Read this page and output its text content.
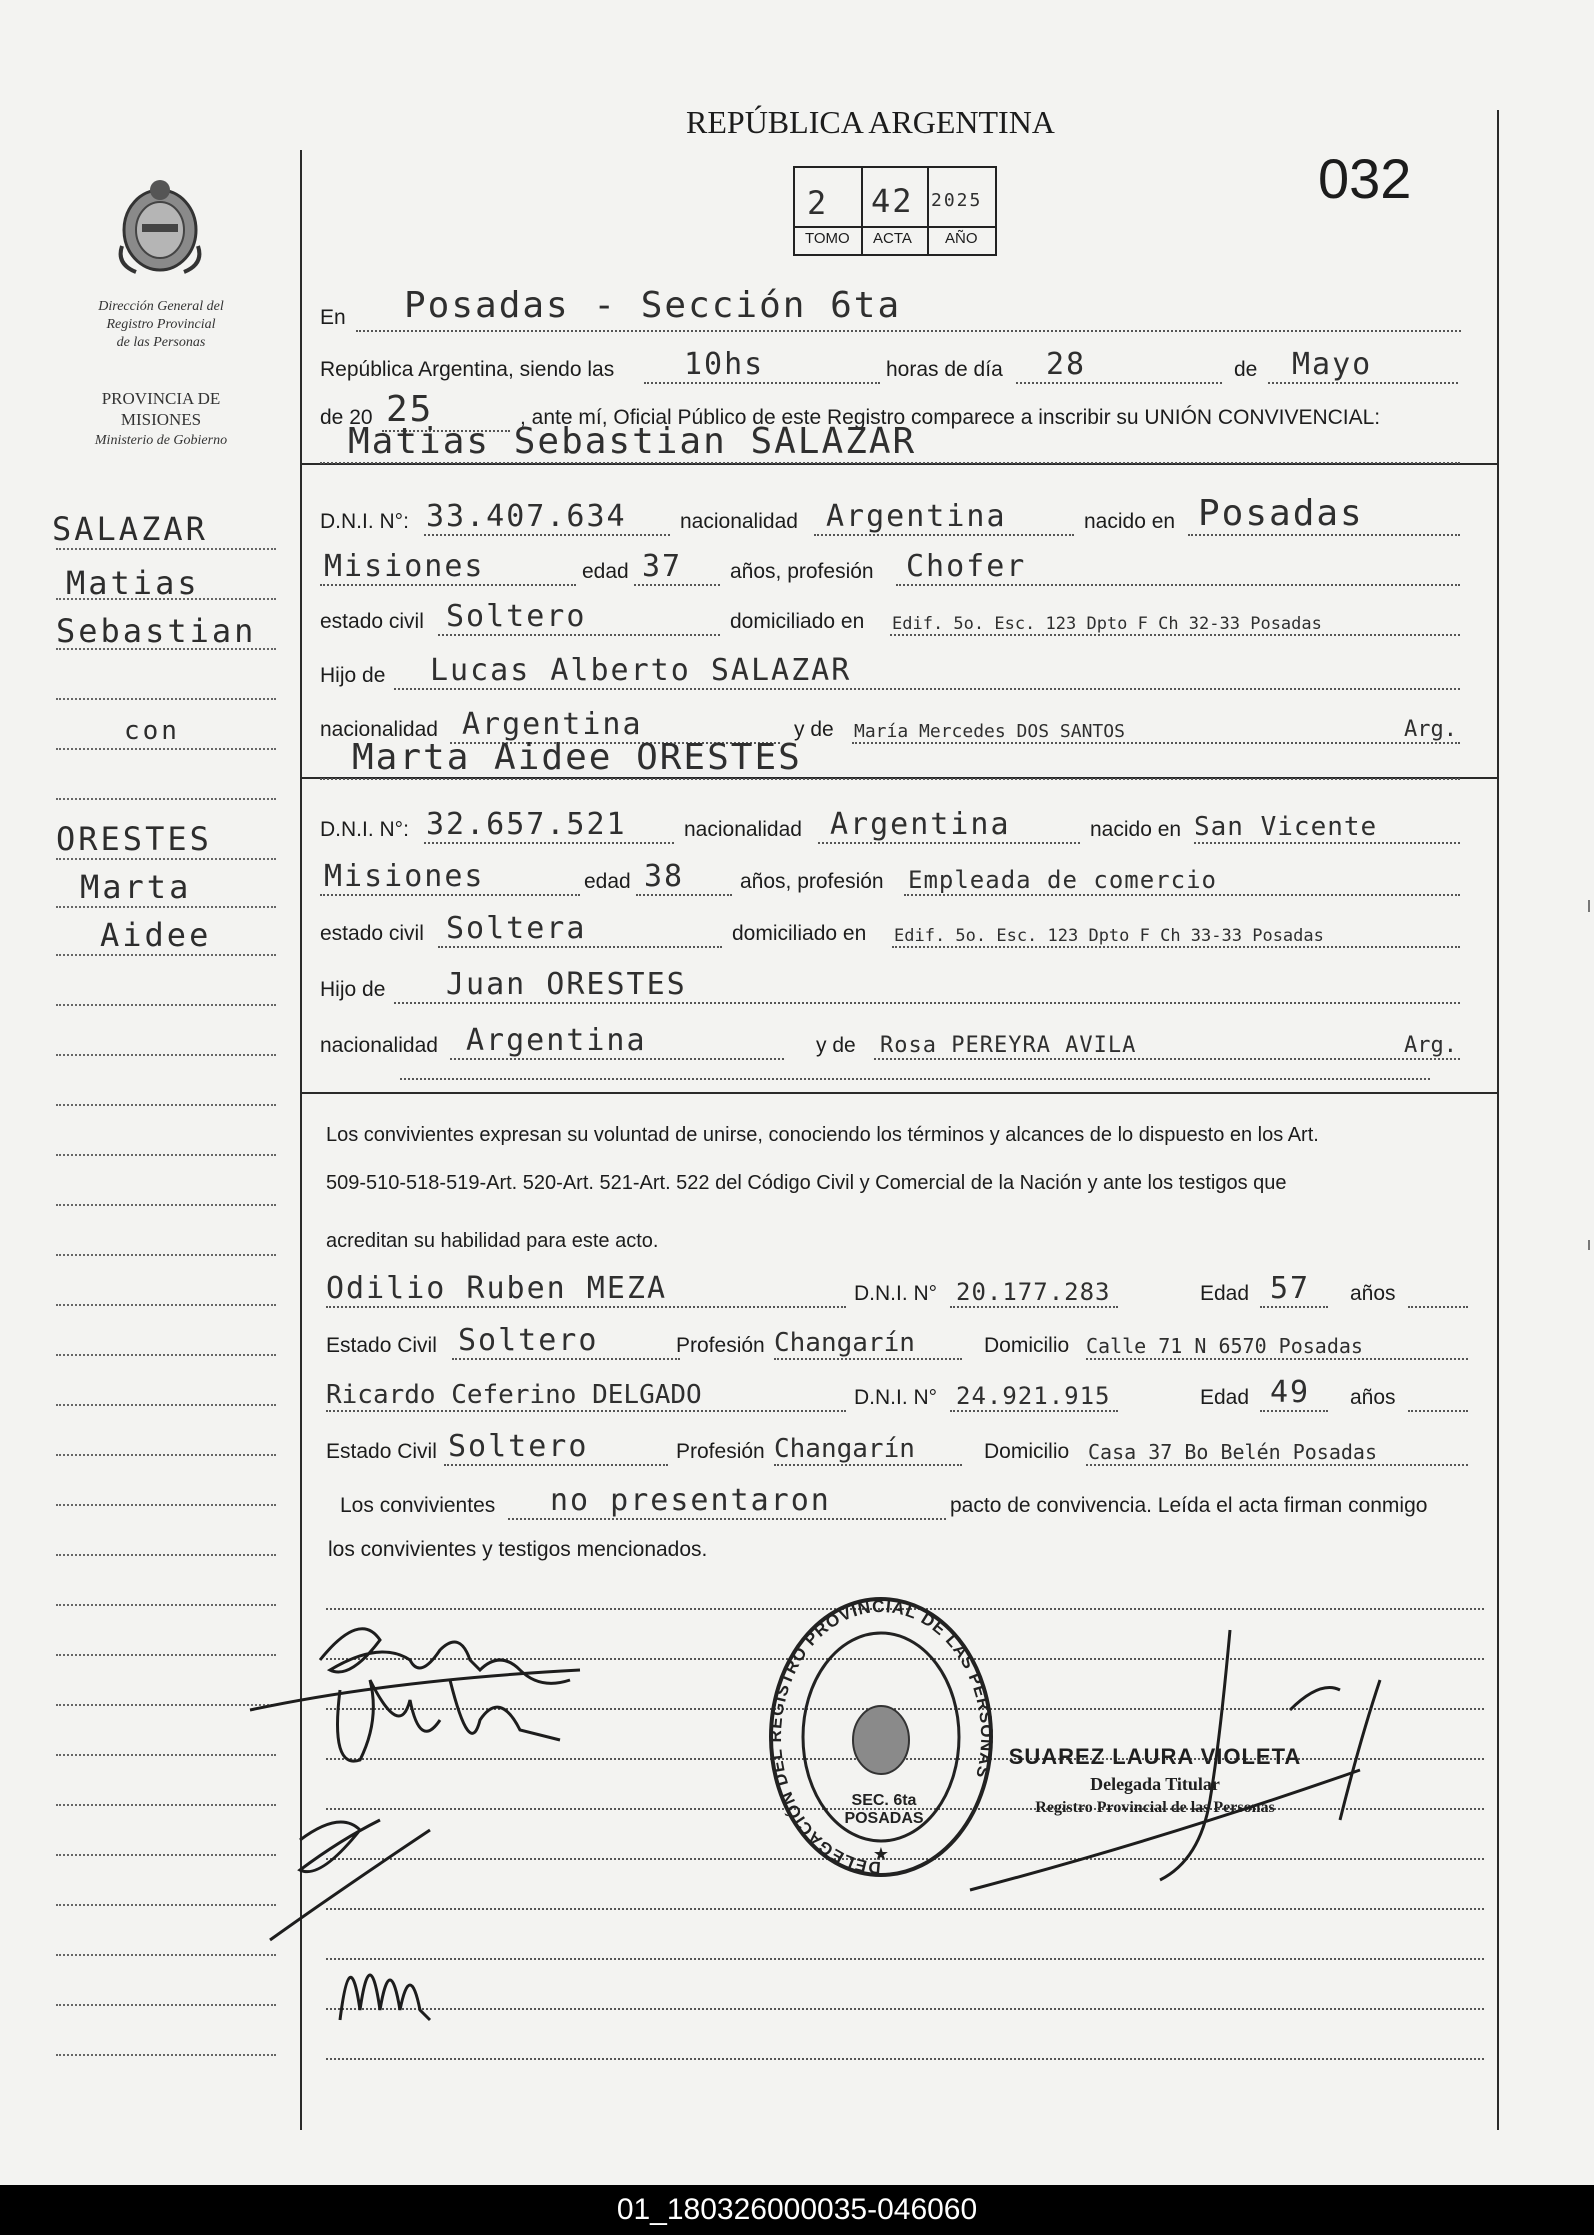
REPÚBLICA ARGENTINA
032
2 42 2025
TOMO ACTA AÑO
Dirección General del
Registro Provincial
de las Personas
PROVINCIA DE
MISIONES
Ministerio de Gobierno
SALAZAR
Matias
Sebastian
con
ORESTES
Marta
Aidee
En Posadas - Sección 6ta
República Argentina, siendo las 10hs	horas de día 28	de Mayo
de 20 25	, ante mí, Oficial Público de este Registro comparece a inscribir su UNIÓN CONVIVENCIAL:
Matias Sebastian SALAZAR
D.N.I. N°: 33.407.634	nacionalidad Argentina	nacido en Posadas
Misiones	edad 37 años, profesión Chofer
estado civil Soltero	domiciliado en Edif. 5o. Esc. 123 Dpto F Ch 32-33 Posadas
Hijo de Lucas Alberto SALAZAR
nacionalidad Argentina	y de María Mercedes DOS SANTOS	Arg.
Marta Aidee ORESTES
D.N.I. N°: 32.657.521	nacionalidad Argentina	nacido en San Vicente
Misiones	edad 38	años, profesión Empleada de comercio
estado civil Soltera	domiciliado en Edif. 5o. Esc. 123 Dpto F Ch 33-33 Posadas
Hijo de Juan ORESTES
nacionalidad Argentina	y de Rosa PEREYRA AVILA	Arg.
Los convivientes expresan su voluntad de unirse, conociendo los términos y alcances de lo dispuesto en los Art.
509-510-518-519-Art. 520-Art. 521-Art. 522 del Código Civil y Comercial de la Nación y ante los testigos que
acreditan su habilidad para este acto.
Odilio Ruben MEZA	D.N.I. N° 20.177.283	Edad 57 años
Estado Civil Soltero	Profesión Changarín	Domicilio Calle 71 N 6570 Posadas
Ricardo Ceferino DELGADO	D.N.I. N° 24.921.915	Edad 49 años
Estado Civil Soltero	Profesión Changarín	Domicilio Casa 37 Bo Belén Posadas
Los convivientes no presentaron	pacto de convivencia. Leída el acta firman conmigo
los convivientes y testigos mencionados.
DELEGACIÓN DEL REGISTRO PROVINCIAL DE LAS PERSONAS
★
SEC. 6ta POSADAS
SUAREZ LAURA VIOLETA
Delegada Titular
Registro Provincial de las Personas
01_180326000035-046060
